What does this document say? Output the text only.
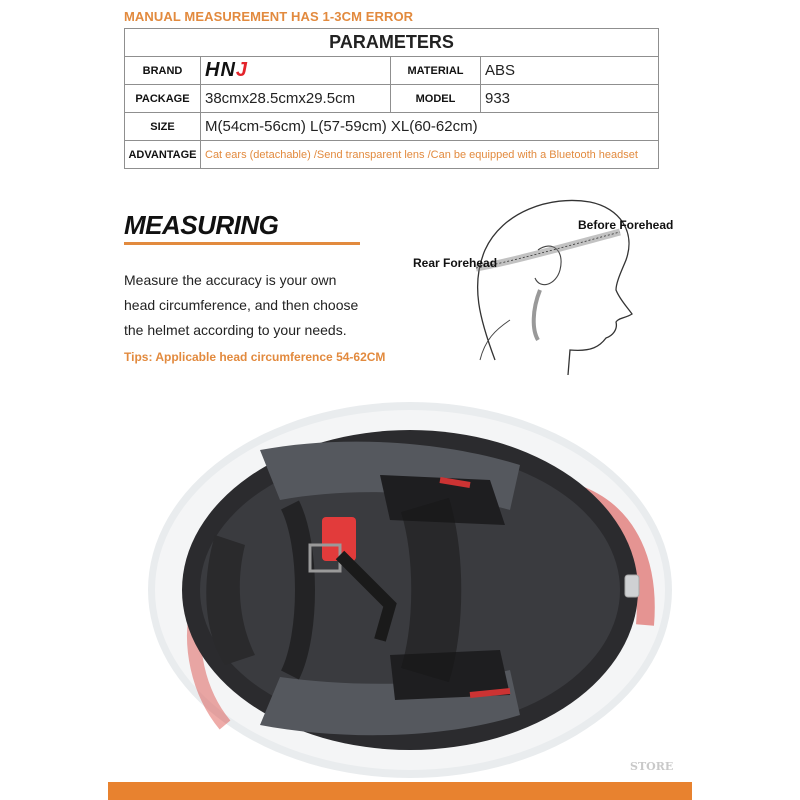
MANUAL MEASUREMENT HAS 1-3CM ERROR
PARAMETERS			
BRAND	HNJ	MATERIAL	ABS
PACKAGE	38cmx28.5cmx29.5cm	MODEL	933
SIZE	M(54cm-56cm) L(57-59cm) XL(60-62cm)		
ADVANTAGE	Cat ears (detachable) /Send transparent lens /Can be equipped with a Bluetooth headset		
MEASURING
Measure the accuracy is your own
head circumference, and then choose
the helmet according to your needs.
Tips: Applicable head circumference 54-62CM
Before Forehead
Rear Forehead
STORE
